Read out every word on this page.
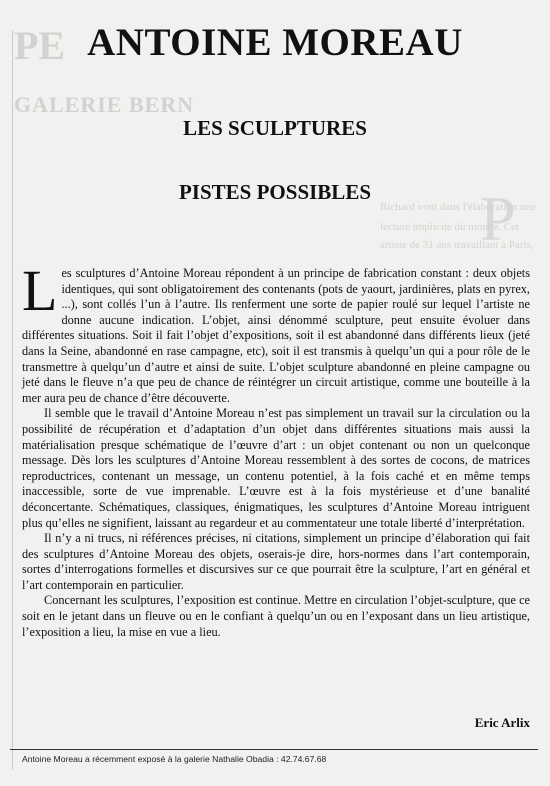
PE
GALERIE BERN
P
Richard vont dans l'élaboration une
lecture implicite du monde. Cet
artiste de 31 ans travaillant à Paris,
ANTOINE MOREAU
LES SCULPTURES
PISTES POSSIBLES

Les sculptures d’Antoine Moreau répondent à un principe de fabrication constant : deux objets identiques, qui sont obligatoirement des contenants (pots de yaourt, jardinières, plats en pyrex, ...), sont collés l’un à l’autre. Ils renferment une sorte de papier roulé sur lequel l’artiste ne donne aucune indication. L’objet, ainsi dénommé sculpture, peut ensuite évoluer dans différentes situations. Soit il fait l’objet d’expositions, soit il est abandonné dans différents lieux (jeté dans la Seine, abandonné en rase campagne, etc), soit il est transmis à quelqu’un qui a pour rôle de le transmettre à quelqu’un d’autre et ainsi de suite. L’objet sculpture abandonné en pleine campagne ou jeté dans le fleuve n’a que peu de chance de réintégrer un circuit artistique, comme une bouteille à la mer aura peu de chance d’être découverte.

Il semble que le travail d’Antoine Moreau n’est pas simplement un travail sur la circulation ou la possibilité de récupération et d’adaptation d’un objet dans différentes situations mais aussi la matérialisation presque schématique de l’œuvre d’art : un objet contenant ou non un quelconque message. Dès lors les sculptures d’Antoine Moreau ressemblent à des sortes de cocons, de matrices reproductrices, contenant un message, un contenu potentiel, à la fois caché et en même temps inaccessible, sorte de vue imprenable. L’œuvre est à la fois mystérieuse et d’une banalité déconcertante. Schématiques, classiques, énigmatiques, les sculptures d’Antoine Moreau intriguent plus qu’elles ne signifient, laissant au regardeur et au commentateur une totale liberté d’interprétation.

Il n’y a ni trucs, ni références précises, ni citations, simplement un principe d’élaboration qui fait des sculptures d’Antoine Moreau des objets, oserais-je dire, hors-normes dans l’art contemporain, sortes d’interrogations formelles et discursives sur ce que pourrait être la sculpture, l’art en général et l’art contemporain en particulier.

Concernant les sculptures, l’exposition est continue. Mettre en circulation l’objet-sculpture, que ce soit en le jetant dans un fleuve ou en le confiant à quelqu’un ou en l’exposant dans un lieu artistique, l’exposition a lieu, la mise en vue a lieu.

Eric Arlix
Antoine Moreau a récemment exposé à la galerie Nathalie Obadia : 42.74.67.68
